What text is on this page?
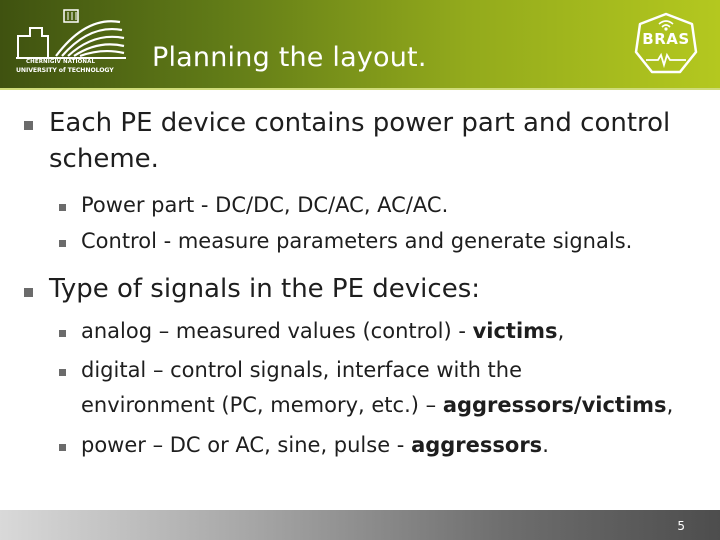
CHERNIGIV NATIONAL
UNIVERSITY of TECHNOLOGY	Planning the layout.
BRAS
Each PE device contains power part and control
scheme.
Power part - DC/DC, DC/AC, AC/AC.
Control - measure parameters and generate signals.
Type of signals in the PE devices:
analog – measured values (control) - victims,
digital – control signals, interface with the
environment (PC, memory, etc.) – aggressors/victims,
power – DC or AC, sine, pulse - aggressors.
5
